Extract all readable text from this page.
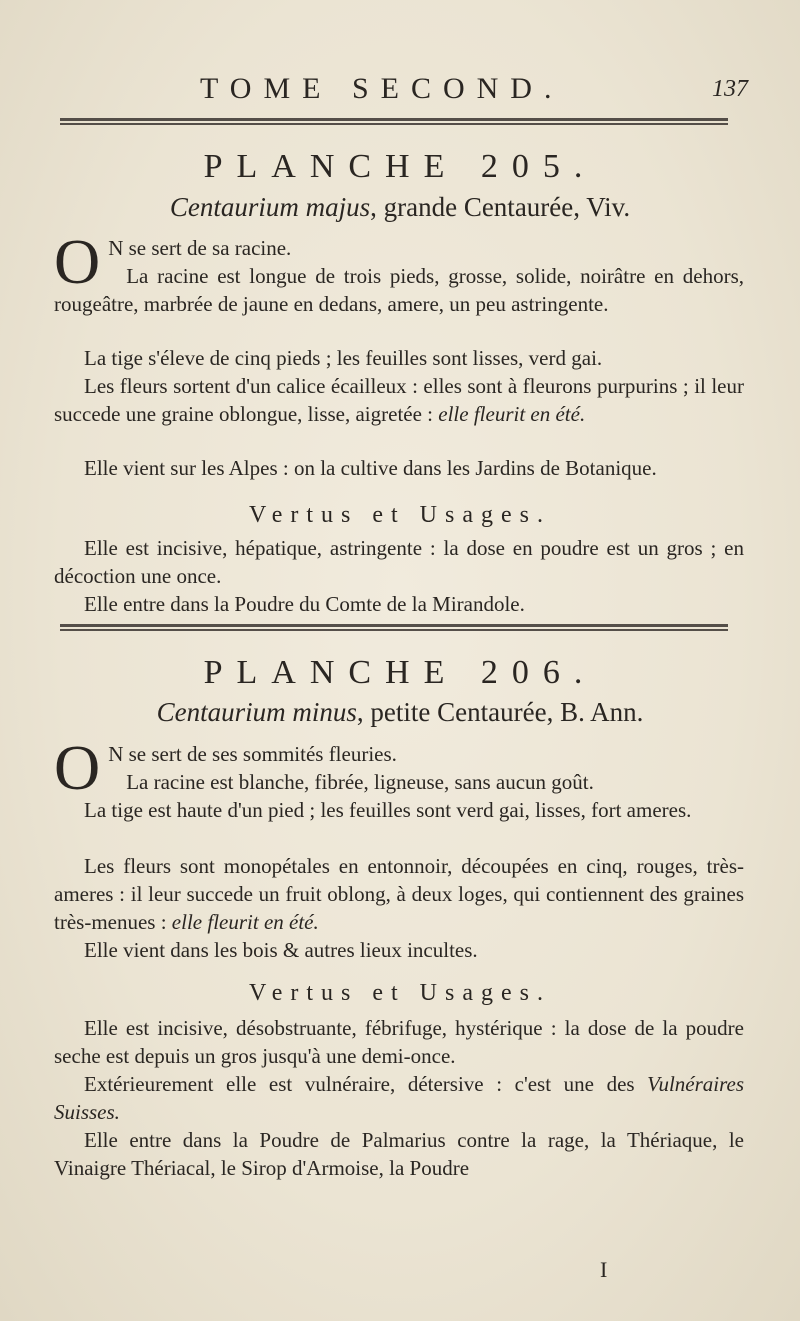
TOME SECOND.	137
PLANCHE 205.
Centaurium majus, grande Centaurée, Viv.

O N se sert de sa racine.
La racine est longue de trois pieds, grosse, solide, noirâtre en dehors, rougeâtre, marbrée de jaune en dedans, amere, un peu astringente.

La tige s'éleve de cinq pieds ; les feuilles sont lisses, verd gai.

Les fleurs sortent d'un calice écailleux : elles sont à fleurons purpurins ; il leur succede une graine oblongue, lisse, aigretée : elle fleurit en été.

Elle vient sur les Alpes : on la cultive dans les Jardins de Botanique.

Vertus et Usages.

Elle est incisive, hépatique, astringente : la dose en poudre est un gros ; en décoction une once.

Elle entre dans la Poudre du Comte de la Mirandole.

PLANCHE 206.
Centaurium minus, petite Centaurée, B. Ann.

O N se sert de ses sommités fleuries.
La racine est blanche, fibrée, ligneuse, sans aucun goût.

La tige est haute d'un pied ; les feuilles sont verd gai, lisses, fort ameres.

Les fleurs sont monopétales en entonnoir, découpées en cinq, rouges, très-ameres : il leur succede un fruit oblong, à deux loges, qui contiennent des graines très-menues : elle fleurit en été.

Elle vient dans les bois & autres lieux incultes.

Vertus et Usages.

Elle est incisive, désobstruante, fébrifuge, hystérique : la dose de la poudre seche est depuis un gros jusqu'à une demi-once.

Extérieurement elle est vulnéraire, détersive : c'est une des Vulnéraires Suisses.

Elle entre dans la Poudre de Palmarius contre la rage, la Thériaque, le Vinaigre Thériacal, le Sirop d'Armoise, la Poudre

I
